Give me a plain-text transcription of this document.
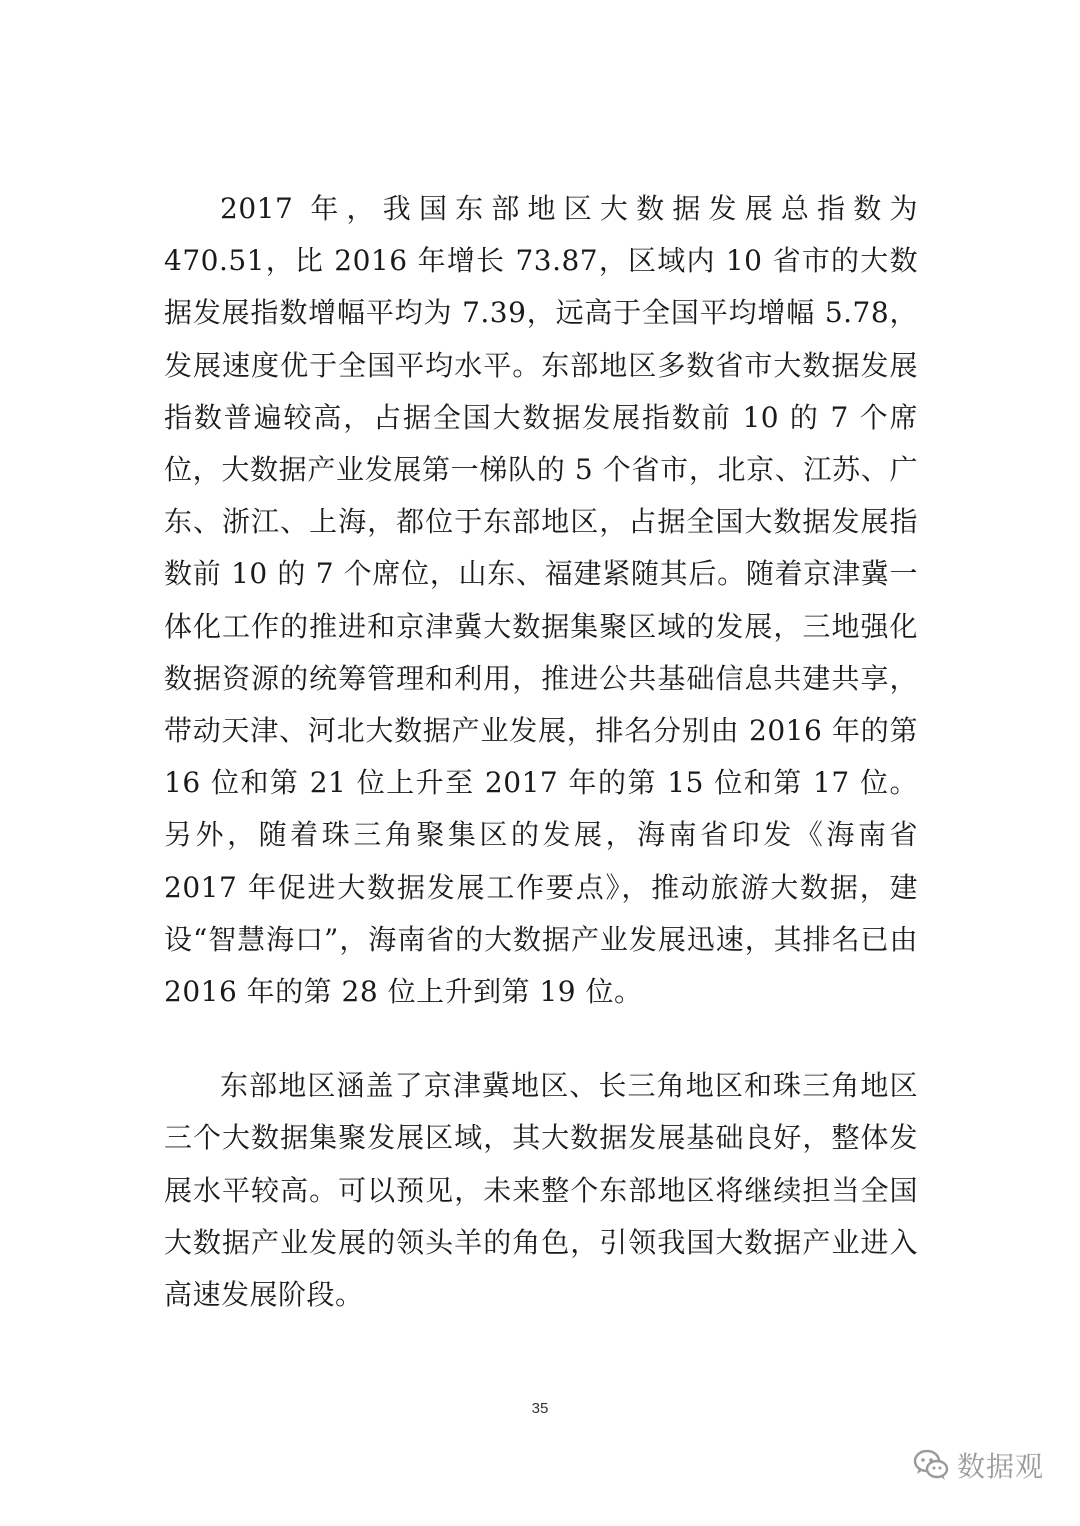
2017 年，我国东部地区大数据发展总指数为 470.51，比 2016 年增长 73.87，区域内 10 省市的大数据发展指数增幅平均为 7.39，远高于全国平均增幅 5.78，发展速度优于全国平均水平。东部地区多数省市大数据发展指数普遍较高，占据全国大数据发展指数前 10 的 7 个席位，大数据产业发展第一梯队的 5 个省市，北京、江苏、广东、浙江、上海，都位于东部地区，占据全国大数据发展指数前 10 的 7 个席位，山东、福建紧随其后。随着京津冀一体化工作的推进和京津冀大数据集聚区域的发展，三地强化数据资源的统筹管理和利用，推进公共基础信息共建共享，带动天津、河北大数据产业发展，排名分别由 2016 年的第 16 位和第 21 位上升至 2017 年的第 15 位和第 17 位。另外，随着珠三角聚集区的发展，海南省印发《海南省 2017 年促进大数据发展工作要点》，推动旅游大数据，建设“智慧海口”，海南省的大数据产业发展迅速，其排名已由 2016 年的第 28 位上升到第 19 位。

东部地区涵盖了京津冀地区、长三角地区和珠三角地区三个大数据集聚发展区域，其大数据发展基础良好，整体发展水平较高。可以预见，未来整个东部地区将继续担当全国大数据产业发展的领头羊的角色，引领我国大数据产业进入高速发展阶段。

35
数据观
